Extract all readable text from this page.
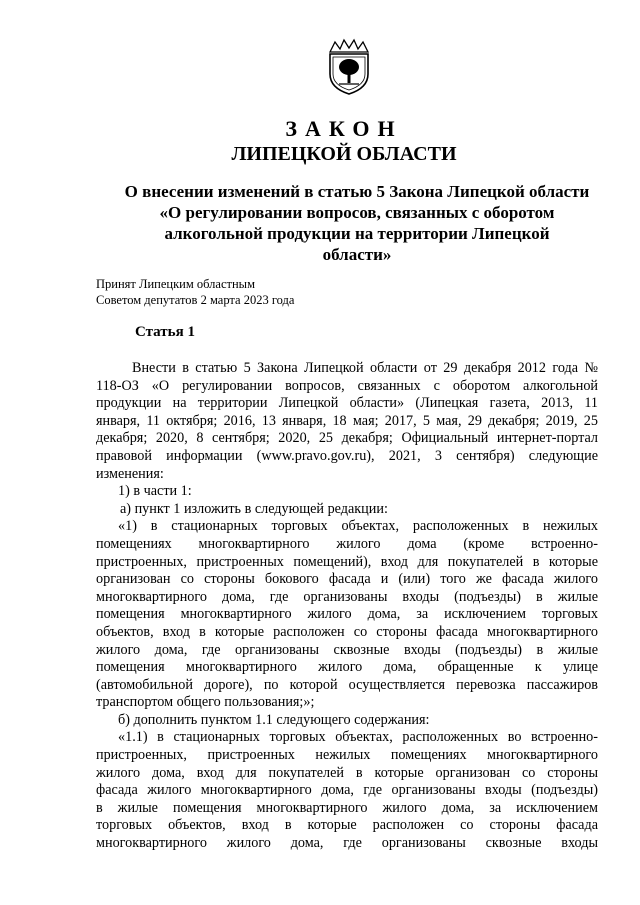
ЗАКОН
ЛИПЕЦКОЙ ОБЛАСТИ
О внесении изменений в статью 5 Закона Липецкой области
«О регулировании вопросов, связанных с оборотом
алкогольной продукции на территории Липецкой
области»
Принят Липецким областным
Советом депутатов 2 марта 2023 года
Статья 1
Внести в статью 5 Закона Липецкой области от 29 декабря 2012 года №
118-ОЗ «О регулировании вопросов, связанных с оборотом алкогольной
продукции на территории Липецкой области» (Липецкая газета, 2013, 11
января, 11 октября; 2016, 13 января, 18 мая; 2017, 5 мая, 29 декабря; 2019, 25
декабря; 2020, 8 сентября; 2020, 25 декабря; Официальный интернет-портал
правовой информации (www.pravo.gov.ru), 2021, 3 сентября) следующие
изменения:
1) в части 1:
а) пункт 1 изложить в следующей редакции:
«1) в стационарных торговых объектах, расположенных в нежилых
помещениях многоквартирного жилого дома (кроме встроенно-
пристроенных, пристроенных помещений), вход для покупателей в которые
организован со стороны бокового фасада и (или) того же фасада жилого
многоквартирного дома, где организованы входы (подъезды) в жилые
помещения многоквартирного жилого дома, за исключением торговых
объектов, вход в которые расположен со стороны фасада многоквартирного
жилого дома, где организованы сквозные входы (подъезды) в жилые
помещения многоквартирного жилого дома, обращенные к улице
(автомобильной дороге), по которой осуществляется перевозка пассажиров
транспортом общего пользования;»;
б) дополнить пунктом 1.1 следующего содержания:
«1.1) в стационарных торговых объектах, расположенных во встроенно-
пристроенных, пристроенных нежилых помещениях многоквартирного
жилого дома, вход для покупателей в которые организован со стороны
фасада жилого многоквартирного дома, где организованы входы (подъезды)
в жилые помещения многоквартирного жилого дома, за исключением
торговых объектов, вход в которые расположен со стороны фасада
многоквартирного жилого дома, где организованы сквозные входы
